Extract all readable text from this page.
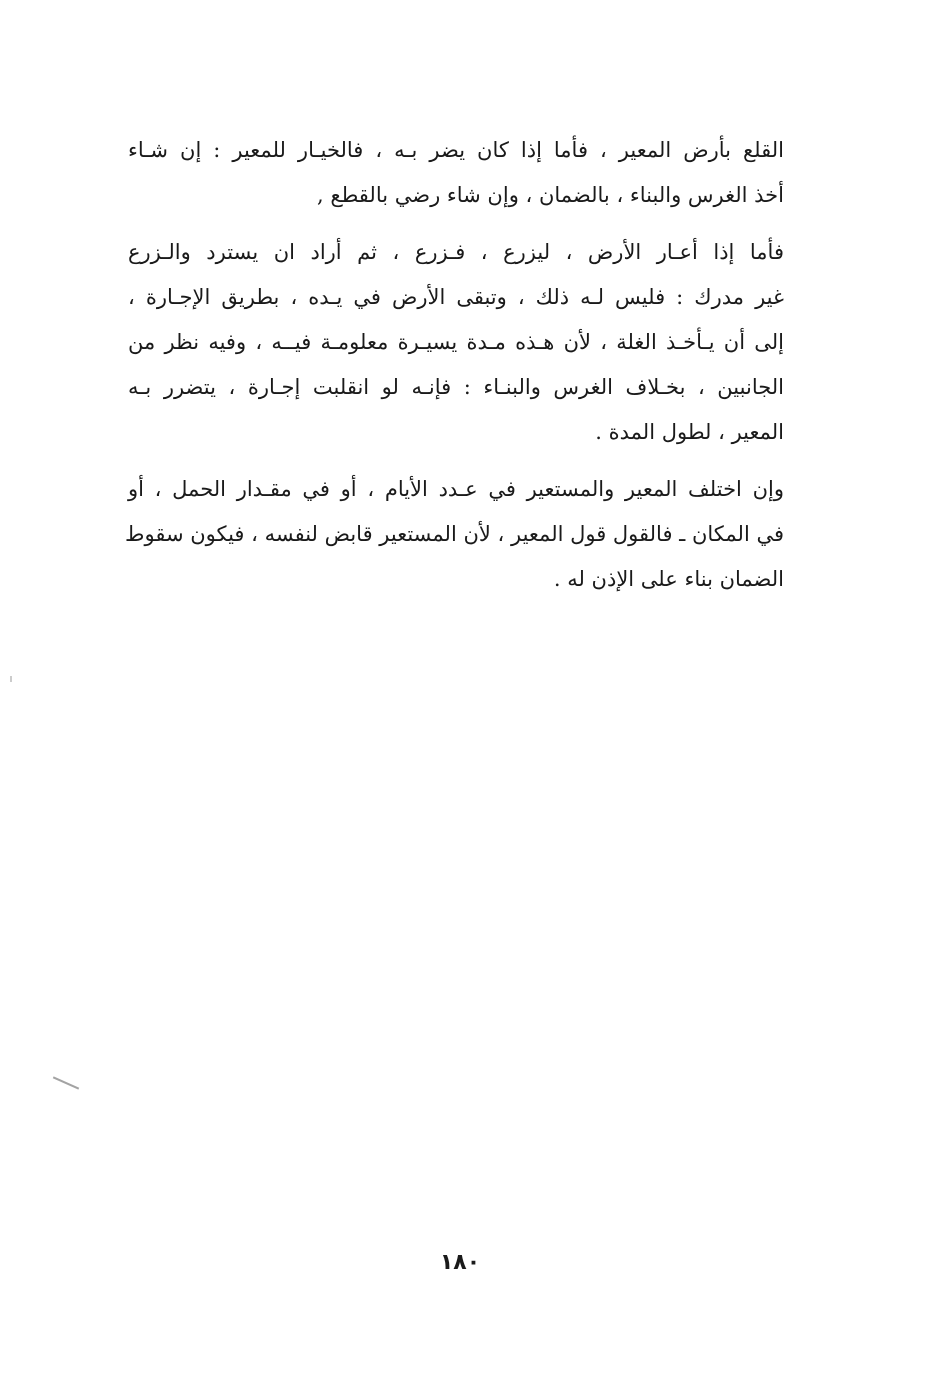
القلع بأرض المعير ، فأما إذا كان يضر بـه ، فالخيـار للمعير : إن شـاء
أخذ الغرس والبناء ، بالضمان ، وإن شاء رضي بالقطع ,

فأما إذا أعـار الأرض ، ليزرع ، فـزرع ، ثم أراد ان يسترد والـزرع
غير مدرك : فليس لـه ذلك ، وتبقى الأرض في يـده ، بطريق الإجـارة ،
إلى أن يـأخـذ الغلة ، لأن هـذه مـدة يسيـرة معلومـة فيــه ، وفيه نظر من
الجانبين ، بخـلاف الغرس والبنـاء : فإنـه لو انقلبت إجـارة ، يتضرر بـه
المعير ، لطول المدة .

وإن اختلف المعير والمستعير في عـدد الأيام ، أو في مقـدار الحمل ، أو
في المكان ـ فالقول قول المعير ، لأن المستعير قابض لنفسه ، فيكون سقوط
الضمان بناء على الإذن له .

١٨٠
